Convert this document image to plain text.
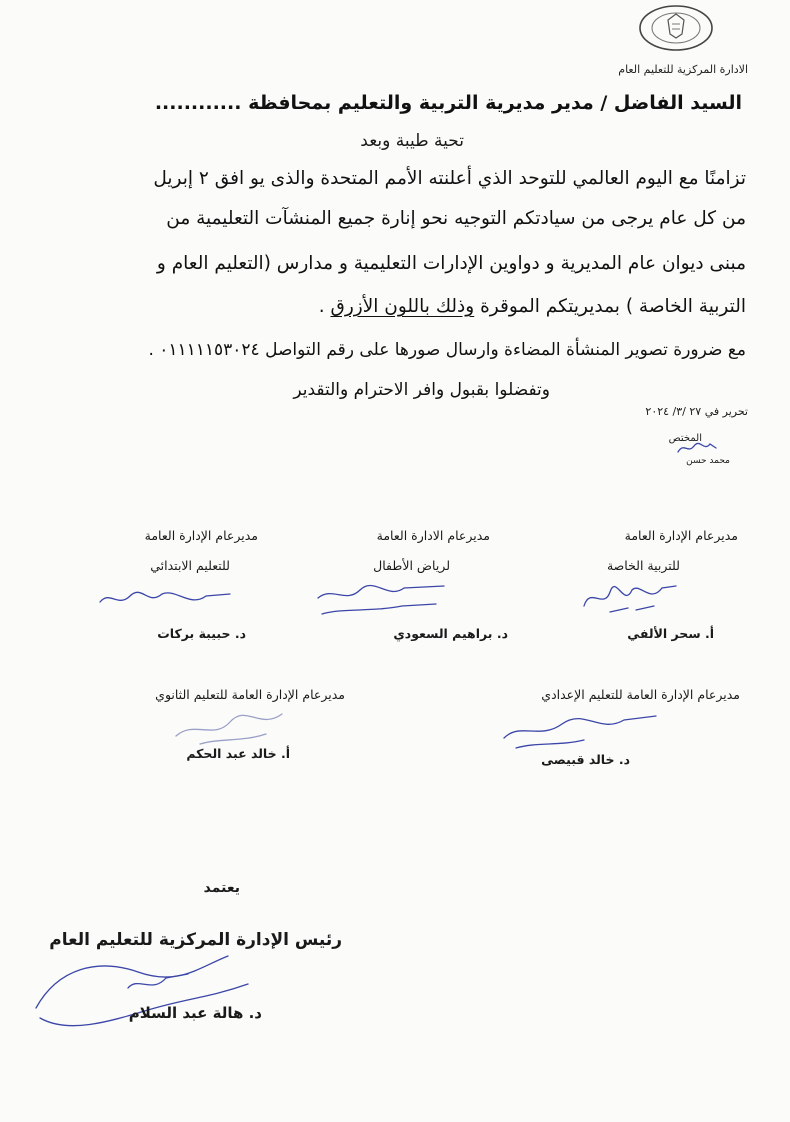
الادارة المركزية للتعليم العام
السيد الفاضل / مدير مديرية التربية والتعليم بمحافظة ............
تحية طيبة وبعد
تزامنًا مع اليوم العالمي للتوحد الذي أعلنته الأمم المتحدة والذى يو افق ٢ إبريل
من كل عام يرجى من سيادتكم التوجيه نحو إنارة جميع المنشآت التعليمية من
مبنى ديوان عام المديرية و دواوين الإدارات التعليمية و مدارس (التعليم العام و
التربية الخاصة ) بمديريتكم الموقرة وذلك باللون الأزرق .
مع ضرورة تصوير المنشأة المضاءة وارسال صورها على رقم التواصل ٠١١١١١٥٣٠٢٤ .
وتفضلوا بقبول وافر الاحترام والتقدير
تحرير في ٢٧ /٣/ ٢٠٢٤
المختص
محمد حسن
مديرعام الإدارة العامة
للتربية الخاصة
أ. سحر الألفي
مديرعام الادارة العامة
لرياض الأطفال
د. براهيم السعودي
مديرعام الإدارة العامة
للتعليم الابتدائي
د. حبيبة بركات
مديرعام الإدارة العامة للتعليم الإعدادي
د. خالد قبيصى
مديرعام الإدارة العامة للتعليم الثانوي
أ. خالد عبد الحكم
يعتمد
رئيس الإدارة المركزية للتعليم العام
د. هالة عبد السلام
